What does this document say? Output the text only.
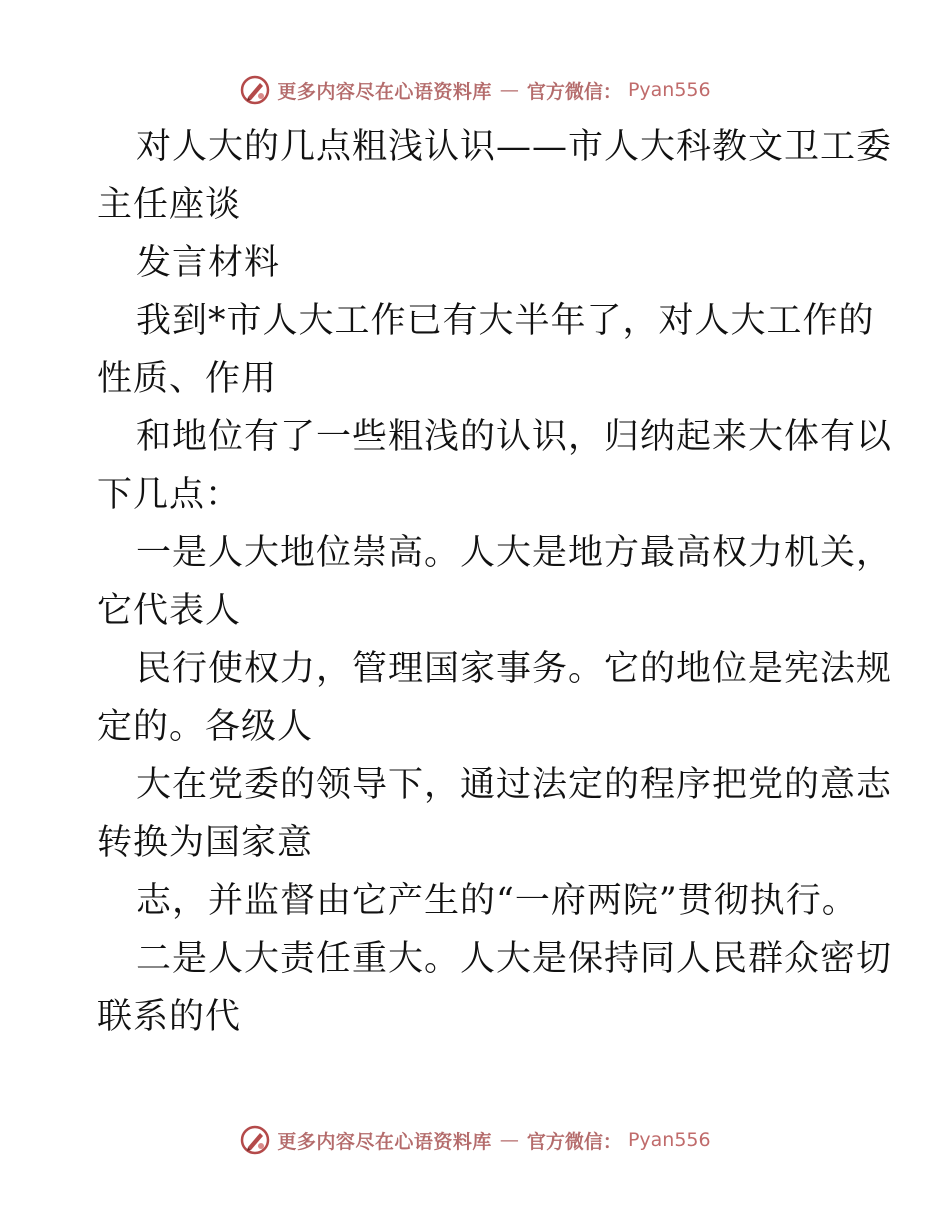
更多内容尽在心语资料库 — 官方微信： Pyan556
对人大的几点粗浅认识——市人大科教文卫工委
主任座谈
发言材料
我到*市人大工作已有大半年了，对人大工作的
性质、作用
和地位有了一些粗浅的认识，归纳起来大体有以
下几点：
一是人大地位崇高。人大是地方最高权力机关，
它代表人
民行使权力，管理国家事务。它的地位是宪法规
定的。各级人
大在党委的领导下，通过法定的程序把党的意志
转换为国家意
志，并监督由它产生的“一府两院”贯彻执行。
二是人大责任重大。人大是保持同人民群众密切
联系的代
更多内容尽在心语资料库 — 官方微信： Pyan556
